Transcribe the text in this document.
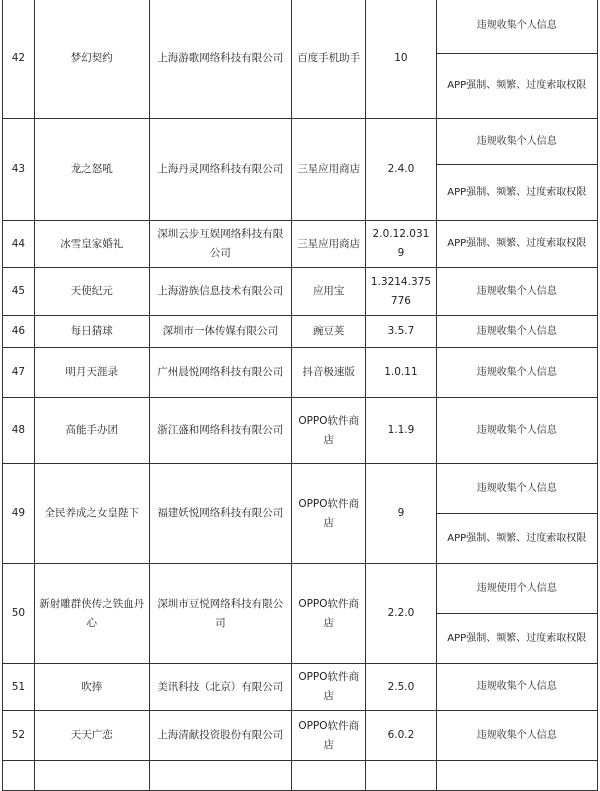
42	梦幻契约	上海游歌网络科技有限公司	百度手机助手	10	违规收集个人信息
					APP强制、频繁、过度索取权限
43	龙之怒吼	上海丹灵网络科技有限公司	三星应用商店	2.4.0	违规收集个人信息
					APP强制、频繁、过度索取权限
44	冰雪皇家婚礼	深圳云步互娱网络科技有限公司	三星应用商店	2.0.12.0319	APP强制、频繁、过度索取权限
45	天使纪元	上海游族信息技术有限公司	应用宝	1.3214.375776	违规收集个人信息
46	每日猜球	深圳市一体传媒有限公司	豌豆荚	3.5.7	违规收集个人信息
47	明月天涯录	广州晨悦网络科技有限公司	抖音极速版	1.0.11	违规收集个人信息
48	高能手办团	浙江盛和网络科技有限公司	OPPO软件商店	1.1.9	违规收集个人信息
49	全民养成之女皇陛下	福建妖悦网络科技有限公司	OPPO软件商店	9	违规收集个人信息
					APP强制、频繁、过度索取权限
50	新射雕群侠传之铁血丹心	深圳市豆悦网络科技有限公司	OPPO软件商店	2.2.0	违规使用个人信息
					APP强制、频繁、过度索取权限
51	吹捧	美讯科技（北京）有限公司	OPPO软件商店	2.5.0	违规收集个人信息
52	天天广恋	上海清献投资股份有限公司	OPPO软件商店	6.0.2	违规收集个人信息
